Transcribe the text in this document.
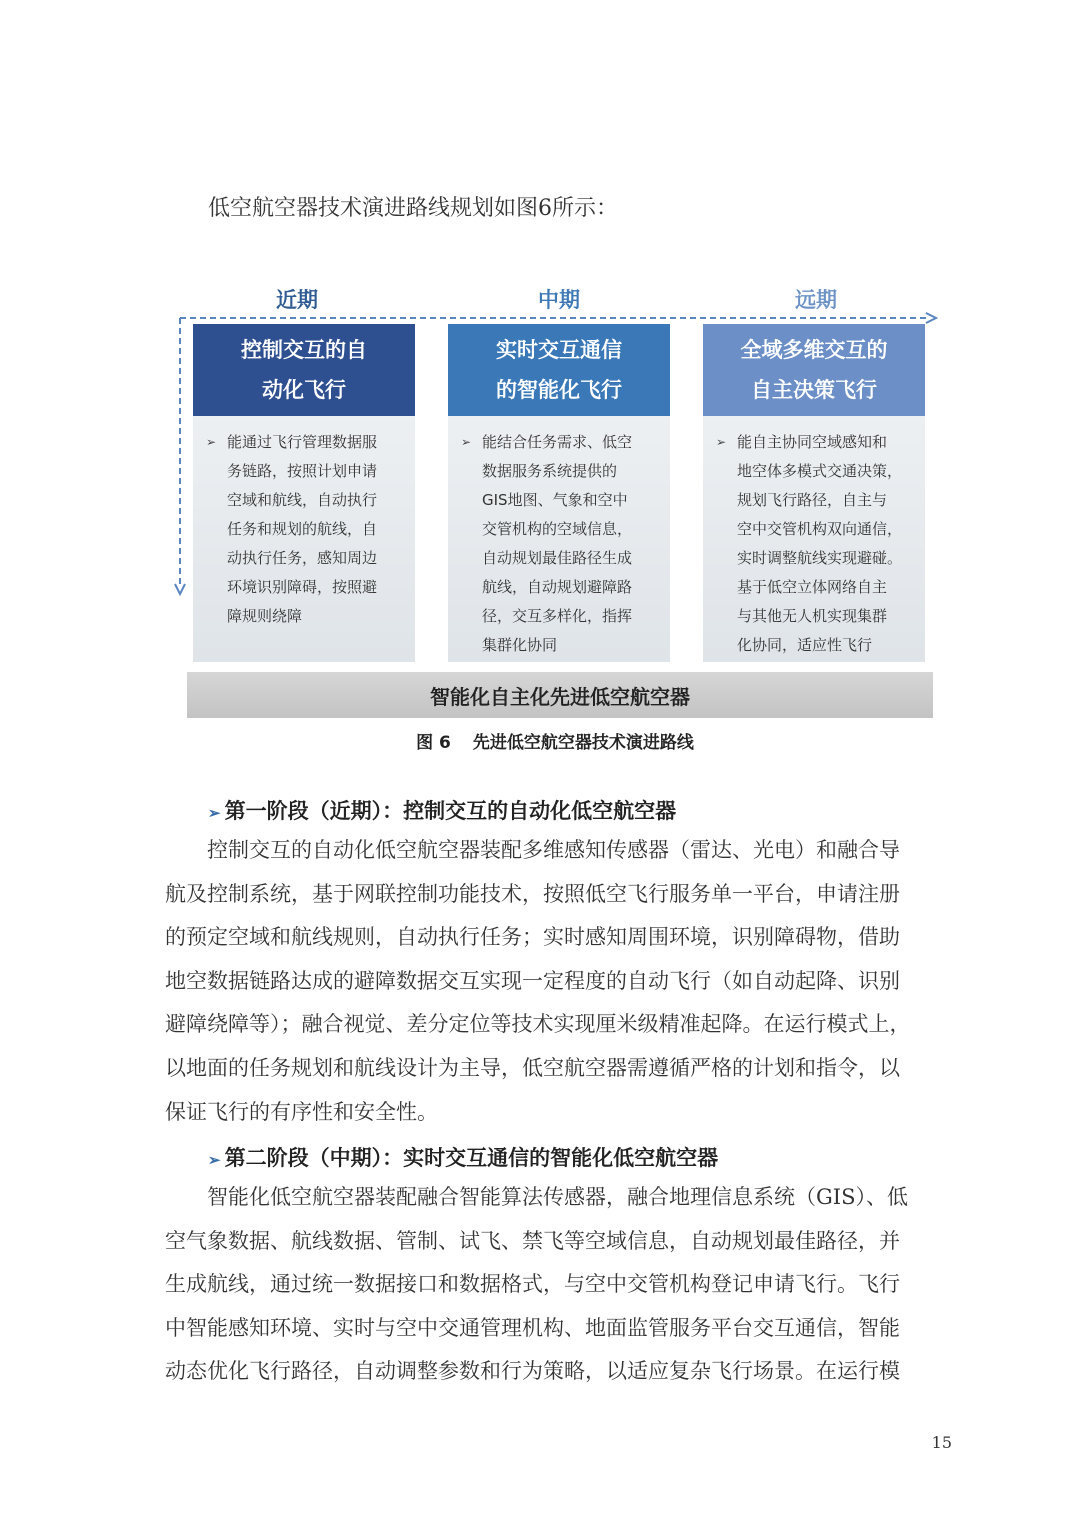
低空航空器技术演进路线规划如图6所示：
近期	中期	远期
控制交互的自
动化飞行
➢ 能通过飞行管理数据服
务链路，按照计划申请
空域和航线，自动执行
任务和规划的航线，自
动执行任务，感知周边
环境识别障碍，按照避
障规则绕障
实时交互通信
的智能化飞行
➢ 能结合任务需求、低空
数据服务系统提供的
GIS地图、气象和空中
交管机构的空域信息，
自动规划最佳路径生成
航线，自动规划避障路
径，交互多样化，指挥
集群化协同
全域多维交互的
自主决策飞行
➢ 能自主协同空域感知和
地空体多模式交通决策，
规划飞行路径，自主与
空中交管机构双向通信，
实时调整航线实现避碰。
基于低空立体网络自主
与其他无人机实现集群
化协同，适应性飞行
智能化自主化先进低空航空器
图 6 先进低空航空器技术演进路线
➢ 第一阶段（近期）：控制交互的自动化低空航空器
　　控制交互的自动化低空航空器装配多维感知传感器（雷达、光电）和融合导
航及控制系统，基于网联控制功能技术，按照低空飞行服务单一平台，申请注册
的预定空域和航线规则，自动执行任务；实时感知周围环境，识别障碍物，借助
地空数据链路达成的避障数据交互实现一定程度的自动飞行（如自动起降、识别
避障绕障等）；融合视觉、差分定位等技术实现厘米级精准起降。在运行模式上，
以地面的任务规划和航线设计为主导，低空航空器需遵循严格的计划和指令，以
保证飞行的有序性和安全性。
➢ 第二阶段（中期）：实时交互通信的智能化低空航空器
　　智能化低空航空器装配融合智能算法传感器，融合地理信息系统（GIS）、低
空气象数据、航线数据、管制、试飞、禁飞等空域信息，自动规划最佳路径，并
生成航线，通过统一数据接口和数据格式，与空中交管机构登记申请飞行。飞行
中智能感知环境、实时与空中交通管理机构、地面监管服务平台交互通信，智能
动态优化飞行路径，自动调整参数和行为策略，以适应复杂飞行场景。在运行模
15
